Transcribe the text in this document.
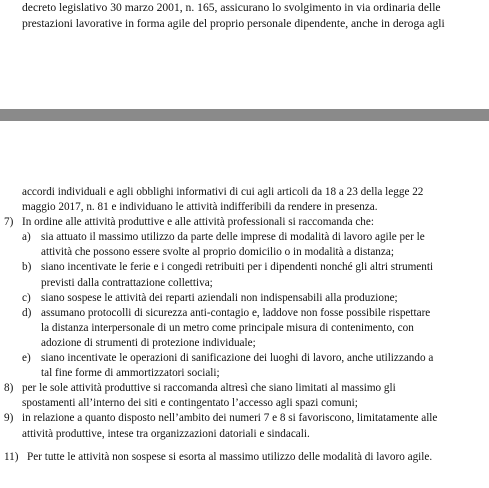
decreto legislativo 30 marzo 2001, n. 165, assicurano lo svolgimento in via ordinaria delle
prestazioni lavorative in forma agile del proprio personale dipendente, anche in deroga agli
accordi individuali e agli obblighi informativi di cui agli articoli da 18 a 23 della legge 22
maggio 2017, n. 81 e individuano le attività indifferibili da rendere in presenza.
7) In ordine alle attività produttive e alle attività professionali si raccomanda che:
a) sia attuato il massimo utilizzo da parte delle imprese di modalità di lavoro agile per le
attività che possono essere svolte al proprio domicilio o in modalità a distanza;
b) siano incentivate le ferie e i congedi retribuiti per i dipendenti nonché gli altri strumenti
previsti dalla contrattazione collettiva;
c) siano sospese le attività dei reparti aziendali non indispensabili alla produzione;
d) assumano protocolli di sicurezza anti-contagio e, laddove non fosse possibile rispettare
la distanza interpersonale di un metro come principale misura di contenimento, con
adozione di strumenti di protezione individuale;
e) siano incentivate le operazioni di sanificazione dei luoghi di lavoro, anche utilizzando a
tal fine forme di ammortizzatori sociali;
8) per le sole attività produttive si raccomanda altresì che siano limitati al massimo gli
spostamenti all’interno dei siti e contingentato l’accesso agli spazi comuni;
9) in relazione a quanto disposto nell’ambito dei numeri 7 e 8 si favoriscono, limitatamente alle
attività produttive, intese tra organizzazioni datoriali e sindacali.
11) Per tutte le attività non sospese si esorta al massimo utilizzo delle modalità di lavoro agile.
